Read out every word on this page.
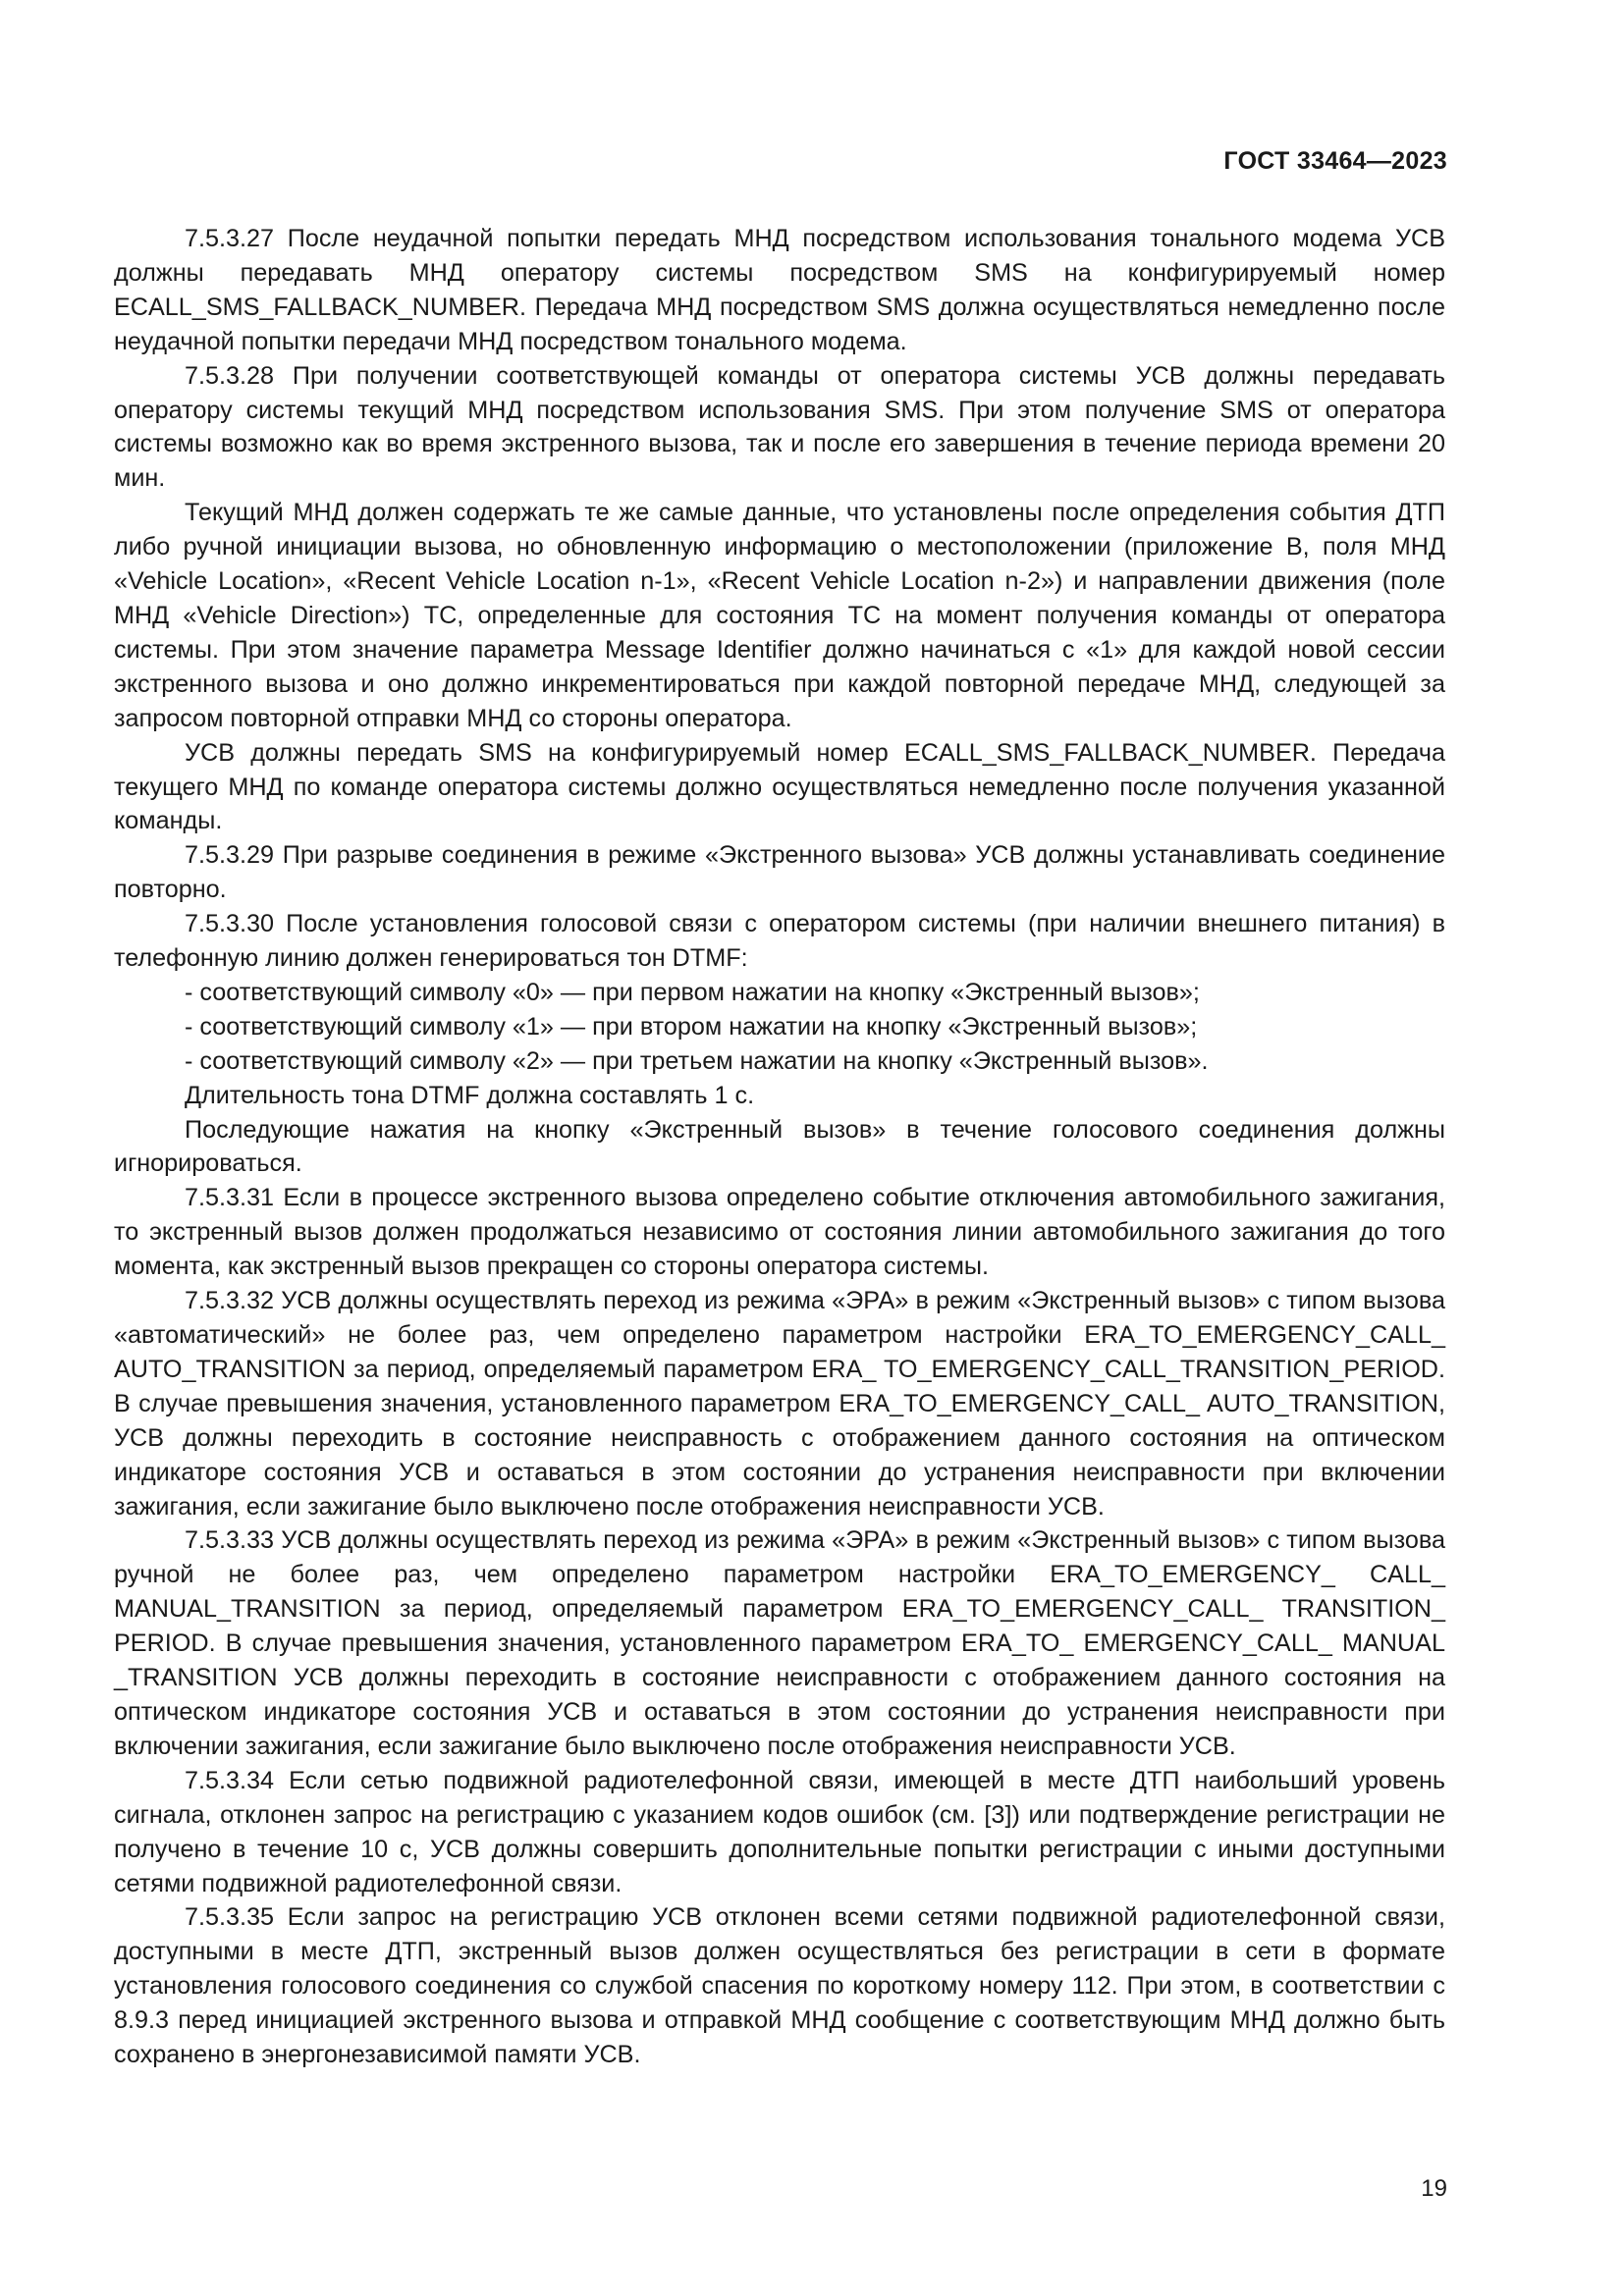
ГОСТ 33464—2023

7.5.3.27 После неудачной попытки передать МНД посредством использования тонального модема УСВ должны передавать МНД оператору системы посредством SMS на конфигурируемый номер ECALL_SMS_FALLBACK_NUMBER. Передача МНД посредством SMS должна осуществляться немедленно после неудачной попытки передачи МНД посредством тонального модема.

7.5.3.28 При получении соответствующей команды от оператора системы УСВ должны передавать оператору системы текущий МНД посредством использования SMS. При этом получение SMS от оператора системы возможно как во время экстренного вызова, так и после его завершения в течение периода времени 20 мин.

Текущий МНД должен содержать те же самые данные, что установлены после определения события ДТП либо ручной инициации вызова, но обновленную информацию о местоположении (приложение В, поля МНД «Vehicle Location», «Recent Vehicle Location n-1», «Recent Vehicle Location n-2») и направлении движения (поле МНД «Vehicle Direction») ТС, определенные для состояния ТС на момент получения команды от оператора системы. При этом значение параметра Message Identifier должно начинаться с «1» для каждой новой сессии экстренного вызова и оно должно инкрементироваться при каждой повторной передаче МНД, следующей за запросом повторной отправки МНД со стороны оператора.

УСВ должны передать SMS на конфигурируемый номер ECALL_SMS_FALLBACK_NUMBER. Передача текущего МНД по команде оператора системы должно осуществляться немедленно после получения указанной команды.

7.5.3.29 При разрыве соединения в режиме «Экстренного вызова» УСВ должны устанавливать соединение повторно.

7.5.3.30 После установления голосовой связи с оператором системы (при наличии внешнего питания) в телефонную линию должен генерироваться тон DTMF:

- соответствующий символу «0» — при первом нажатии на кнопку «Экстренный вызов»;

- соответствующий символу «1» — при втором нажатии на кнопку «Экстренный вызов»;

- соответствующий символу «2» — при третьем нажатии на кнопку «Экстренный вызов».

Длительность тона DTMF должна составлять 1 с.

Последующие нажатия на кнопку «Экстренный вызов» в течение голосового соединения должны игнорироваться.

7.5.3.31 Если в процессе экстренного вызова определено событие отключения автомобильного зажигания, то экстренный вызов должен продолжаться независимо от состояния линии автомобильного зажигания до того момента, как экстренный вызов прекращен со стороны оператора системы.

7.5.3.32 УСВ должны осуществлять переход из режима «ЭРА» в режим «Экстренный вызов» с типом вызова «автоматический» не более раз, чем определено параметром настройки ERA_TO_EMERGENCY_CALL_ AUTO_TRANSITION за период, определяемый параметром ERA_ TO_EMERGENCY_CALL_TRANSITION_PERIOD. В случае превышения значения, установленного параметром ERA_TO_EMERGENCY_CALL_ AUTO_TRANSITION, УСВ должны переходить в состояние неисправность с отображением данного состояния на оптическом индикаторе состояния УСВ и оставаться в этом состоянии до устранения неисправности при включении зажигания, если зажигание было выключено после отображения неисправности УСВ.

7.5.3.33 УСВ должны осуществлять переход из режима «ЭРА» в режим «Экстренный вызов» с типом вызова ручной не более раз, чем определено параметром настройки ERA_TO_EMERGENCY_ CALL_ MANUAL_TRANSITION за период, определяемый параметром ERA_TO_EMERGENCY_CALL_ TRANSITION_ PERIOD. В случае превышения значения, установленного параметром ERA_TO_ EMERGENCY_CALL_ MANUAL _TRANSITION УСВ должны переходить в состояние неисправности с отображением данного состояния на оптическом индикаторе состояния УСВ и оставаться в этом состоянии до устранения неисправности при включении зажигания, если зажигание было выключено после отображения неисправности УСВ.

7.5.3.34 Если сетью подвижной радиотелефонной связи, имеющей в месте ДТП наибольший уровень сигнала, отклонен запрос на регистрацию с указанием кодов ошибок (см. [3]) или подтверждение регистрации не получено в течение 10 с, УСВ должны совершить дополнительные попытки регистрации с иными доступными сетями подвижной радиотелефонной связи.

7.5.3.35 Если запрос на регистрацию УСВ отклонен всеми сетями подвижной радиотелефонной связи, доступными в месте ДТП, экстренный вызов должен осуществляться без регистрации в сети в формате установления голосового соединения со службой спасения по короткому номеру 112. При этом, в соответствии с 8.9.3 перед инициацией экстренного вызова и отправкой МНД сообщение с соответствующим МНД должно быть сохранено в энергонезависимой памяти УСВ.

19
